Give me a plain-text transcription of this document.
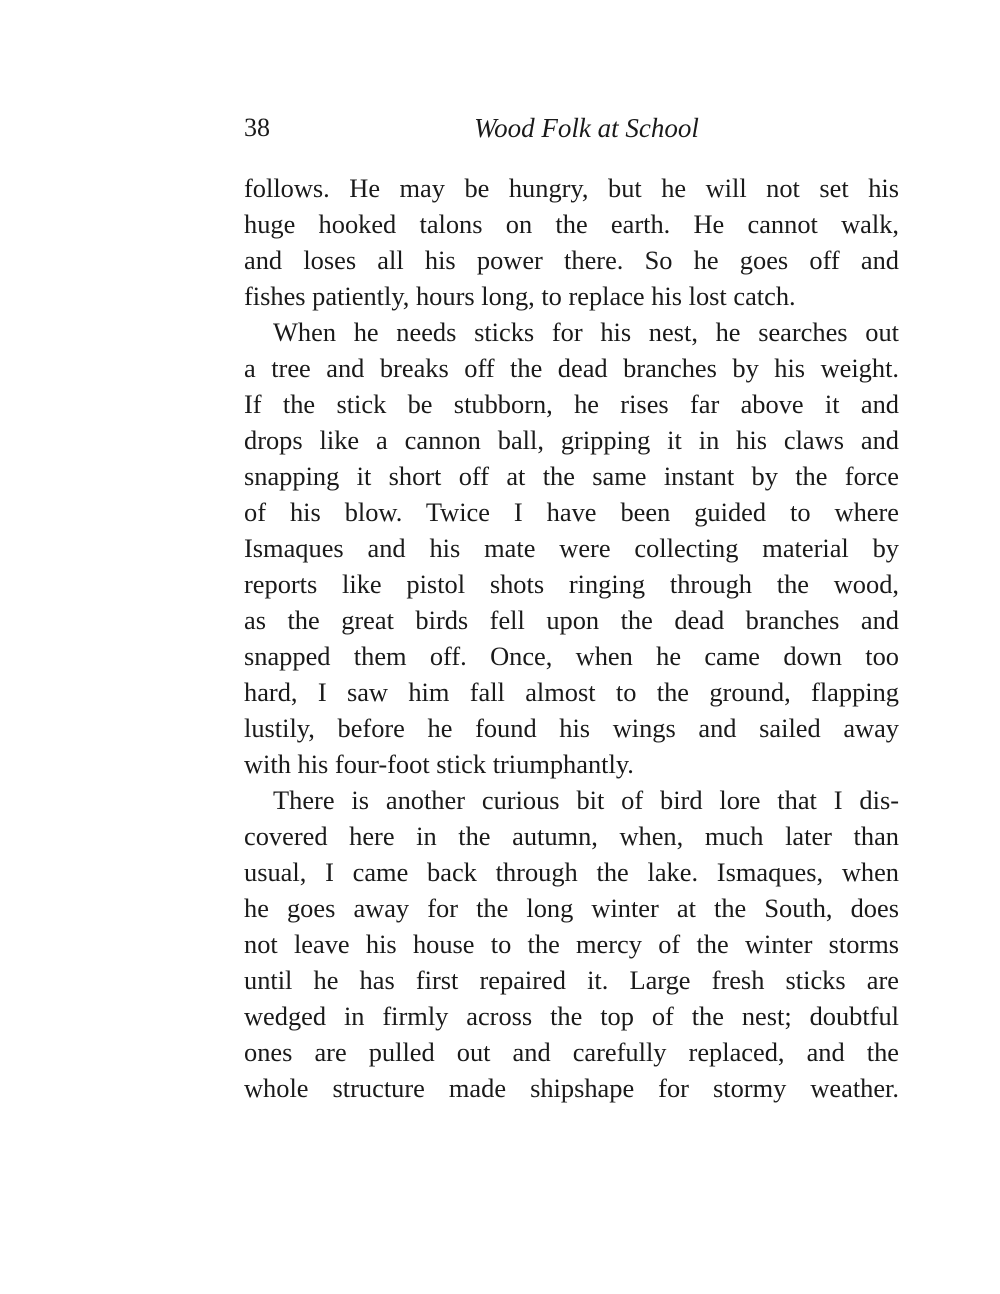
38	Wood Folk at School
follows. He may be hungry, but he will not set his
huge hooked talons on the earth. He cannot walk,
and loses all his power there. So he goes off and
fishes patiently, hours long, to replace his lost catch.
When he needs sticks for his nest, he searches out
a tree and breaks off the dead branches by his weight.
If the stick be stubborn, he rises far above it and
drops like a cannon ball, gripping it in his claws and
snapping it short off at the same instant by the force
of his blow. Twice I have been guided to where
Ismaques and his mate were collecting material by
reports like pistol shots ringing through the wood,
as the great birds fell upon the dead branches and
snapped them off. Once, when he came down too
hard, I saw him fall almost to the ground, flapping
lustily, before he found his wings and sailed away
with his four-foot stick triumphantly.
There is another curious bit of bird lore that I dis-
covered here in the autumn, when, much later than
usual, I came back through the lake. Ismaques, when
he goes away for the long winter at the South, does
not leave his house to the mercy of the winter storms
until he has first repaired it. Large fresh sticks are
wedged in firmly across the top of the nest; doubtful
ones are pulled out and carefully replaced, and the
whole structure made shipshape for stormy weather.
